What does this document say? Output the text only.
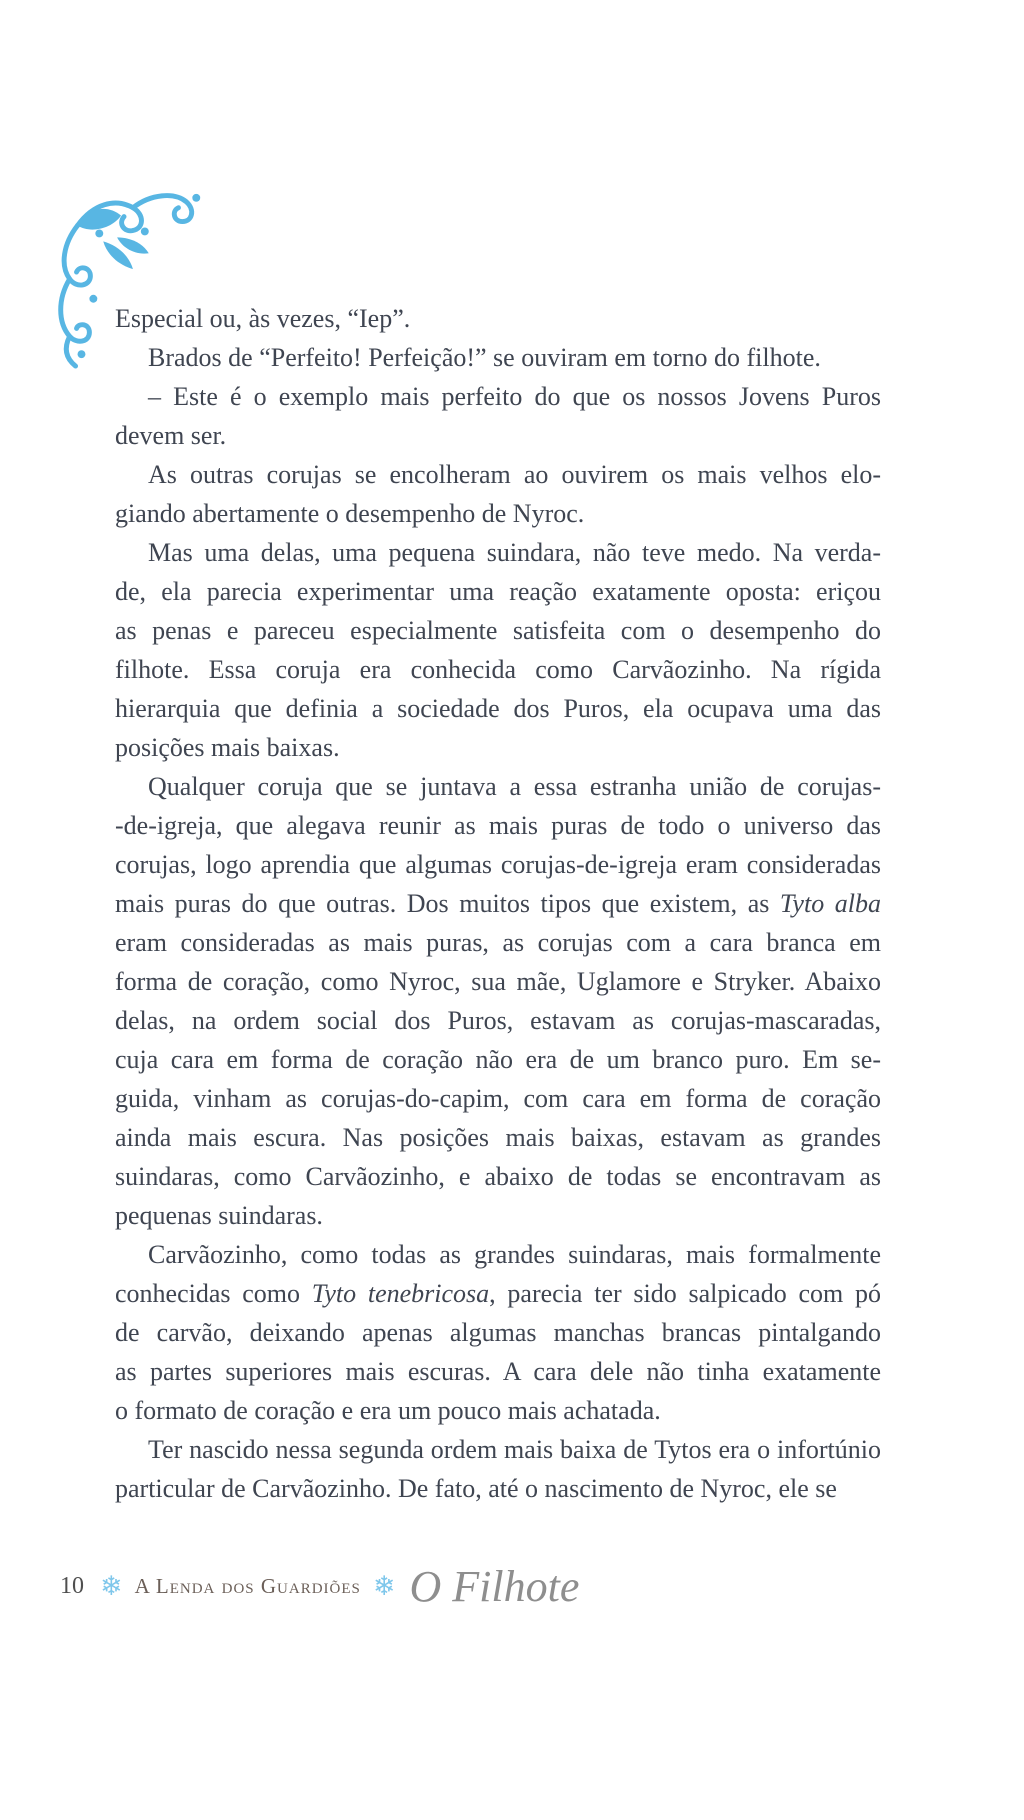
Especial ou, às vezes, “Iep”.
Brados de “Perfeito! Perfeição!” se ouviram em torno do filhote.
– Este é o exemplo mais perfeito do que os nossos Jovens Puros
devem ser.
As outras corujas se encolheram ao ouvirem os mais velhos elo-
giando abertamente o desempenho de Nyroc.
Mas uma delas, uma pequena suindara, não teve medo. Na verda-
de, ela parecia experimentar uma reação exatamente oposta: eriçou
as penas e pareceu especialmente satisfeita com o desempenho do
filhote. Essa coruja era conhecida como Carvãozinho. Na rígida
hierarquia que definia a sociedade dos Puros, ela ocupava uma das
posições mais baixas.
Qualquer coruja que se juntava a essa estranha união de corujas-
-de-igreja, que alegava reunir as mais puras de todo o universo das
corujas, logo aprendia que algumas corujas-de-igreja eram consideradas
mais puras do que outras. Dos muitos tipos que existem, as Tyto alba
eram consideradas as mais puras, as corujas com a cara branca em
forma de coração, como Nyroc, sua mãe, Uglamore e Stryker. Abaixo
delas, na ordem social dos Puros, estavam as corujas-mascaradas,
cuja cara em forma de coração não era de um branco puro. Em se-
guida, vinham as corujas-do-capim, com cara em forma de coração
ainda mais escura. Nas posições mais baixas, estavam as grandes
suindaras, como Carvãozinho, e abaixo de todas se encontravam as
pequenas suindaras.
Carvãozinho, como todas as grandes suindaras, mais formalmente
conhecidas como Tyto tenebricosa, parecia ter sido salpicado com pó
de carvão, deixando apenas algumas manchas brancas pintalgando
as partes superiores mais escuras. A cara dele não tinha exatamente
o formato de coração e era um pouco mais achatada.
Ter nascido nessa segunda ordem mais baixa de Tytos era o infortúnio
particular de Carvãozinho. De fato, até o nascimento de Nyroc, ele se
10 ❄ A Lenda dos Guardiões ❄ O Filhote
